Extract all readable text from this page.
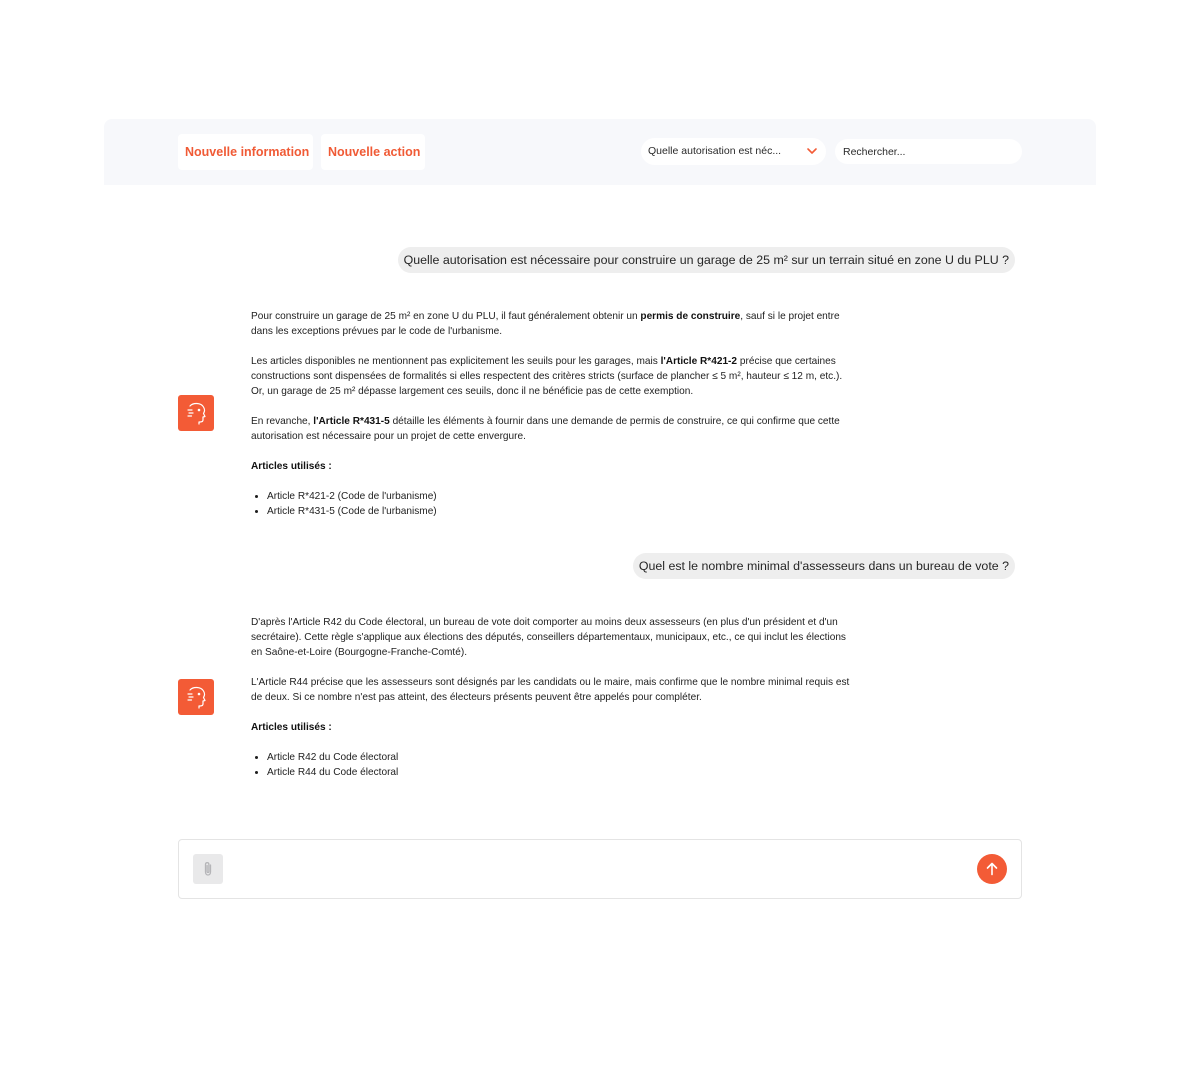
Nouvelle information	Nouvelle action	Quelle autorisation est néc...
Rechercher...
Quelle autorisation est nécessaire pour construire un garage de 25 m² sur un terrain situé en zone U du PLU ?

Pour construire un garage de 25 m² en zone U du PLU, il faut généralement obtenir un permis de construire, sauf si le projet entre dans les exceptions prévues par le code de l'urbanisme.

Les articles disponibles ne mentionnent pas explicitement les seuils pour les garages, mais l'Article R*421-2 précise que certaines constructions sont dispensées de formalités si elles respectent des critères stricts (surface de plancher ≤ 5 m², hauteur ≤ 12 m, etc.). Or, un garage de 25 m² dépasse largement ces seuils, donc il ne bénéficie pas de cette exemption.

En revanche, l'Article R*431-5 détaille les éléments à fournir dans une demande de permis de construire, ce qui confirme que cette autorisation est nécessaire pour un projet de cette envergure.

Articles utilisés :

• Article R*421-2 (Code de l'urbanisme)
• Article R*431-5 (Code de l'urbanisme)
Quel est le nombre minimal d'assesseurs dans un bureau de vote ?

D'après l'Article R42 du Code électoral, un bureau de vote doit comporter au moins deux assesseurs (en plus d'un président et d'un secrétaire). Cette règle s'applique aux élections des députés, conseillers départementaux, municipaux, etc., ce qui inclut les élections en Saône-et-Loire (Bourgogne-Franche-Comté).

L'Article R44 précise que les assesseurs sont désignés par les candidats ou le maire, mais confirme que le nombre minimal requis est de deux. Si ce nombre n'est pas atteint, des électeurs présents peuvent être appelés pour compléter.

Articles utilisés :

• Article R42 du Code électoral
• Article R44 du Code électoral
